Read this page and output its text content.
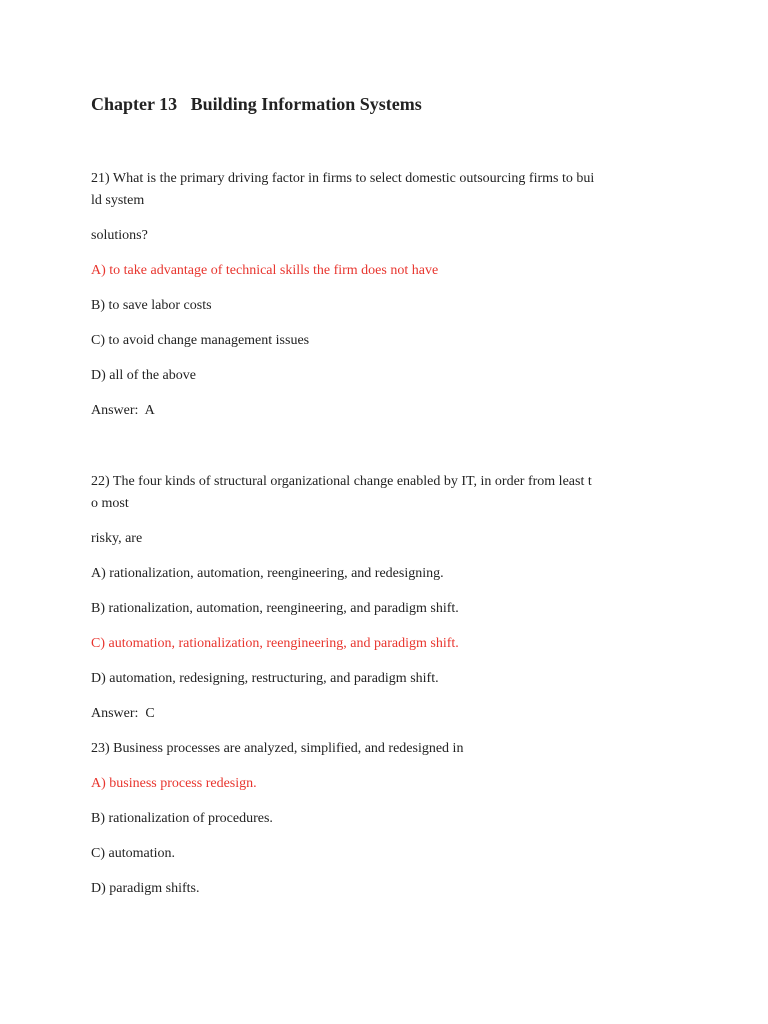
Chapter 13   Building Information Systems
21) What is the primary driving factor in firms to select domestic outsourcing firms to bui
ld system
solutions?
A) to take advantage of technical skills the firm does not have
B) to save labor costs
C) to avoid change management issues
D) all of the above
Answer:  A
22) The four kinds of structural organizational change enabled by IT, in order from least t
o most
risky, are
A) rationalization, automation, reengineering, and redesigning.
B) rationalization, automation, reengineering, and paradigm shift.
C) automation, rationalization, reengineering, and paradigm shift.
D) automation, redesigning, restructuring, and paradigm shift.
Answer:  C
23) Business processes are analyzed, simplified, and redesigned in
A) business process redesign.
B) rationalization of procedures.
C) automation.
D) paradigm shifts.
